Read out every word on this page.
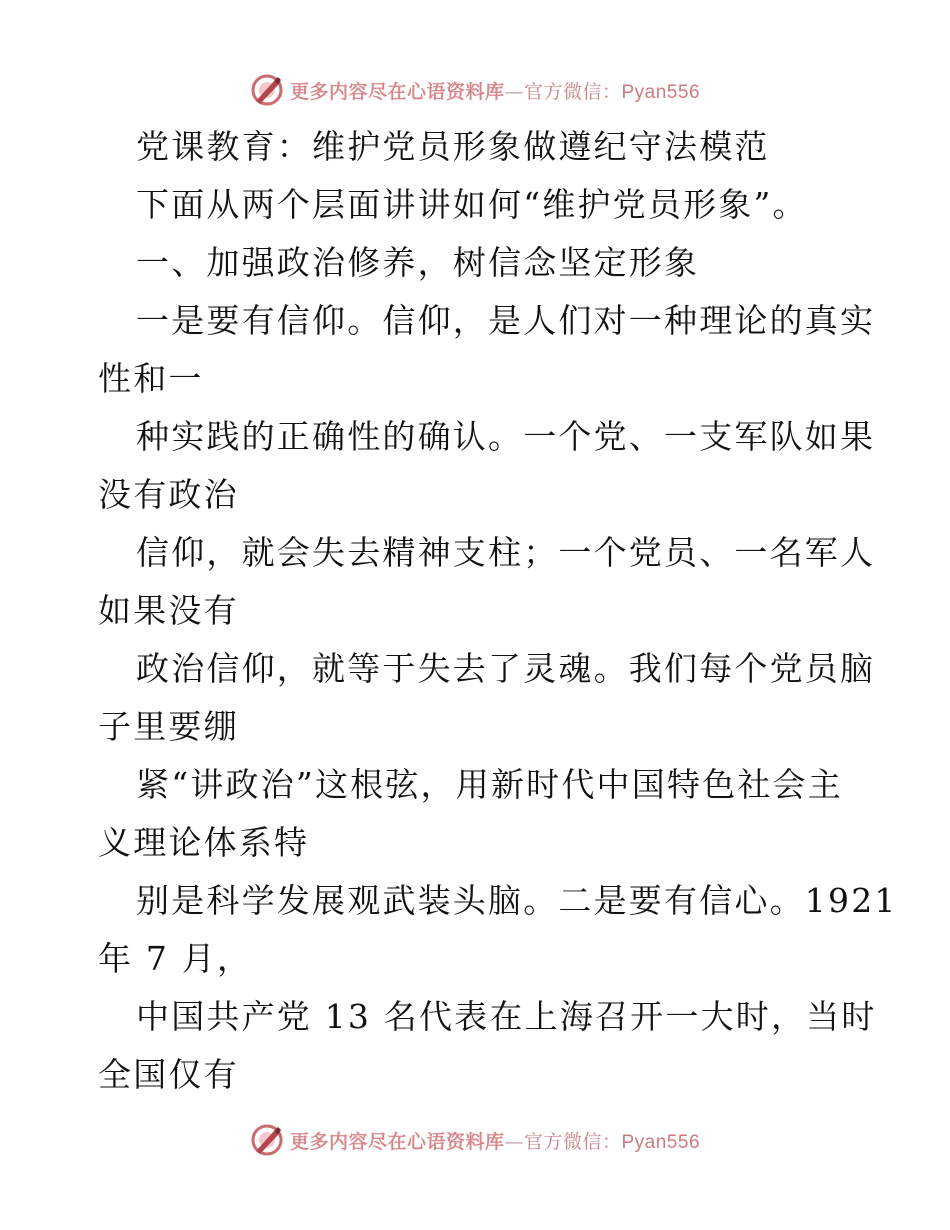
更多内容尽在心语资料库—官方微信：Pyan556
党课教育：维护党员形象做遵纪守法模范
下面从两个层面讲讲如何“维护党员形象”。
一、加强政治修养，树信念坚定形象
一是要有信仰。信仰，是人们对一种理论的真实
性和一
种实践的正确性的确认。一个党、一支军队如果
没有政治
信仰，就会失去精神支柱；一个党员、一名军人
如果没有
政治信仰，就等于失去了灵魂。我们每个党员脑
子里要绷
紧“讲政治”这根弦，用新时代中国特色社会主
义理论体系特
别是科学发展观武装头脑。二是要有信心。1921
年 7 月，
中国共产党 13 名代表在上海召开一大时，当时
全国仅有
更多内容尽在心语资料库—官方微信：Pyan556
